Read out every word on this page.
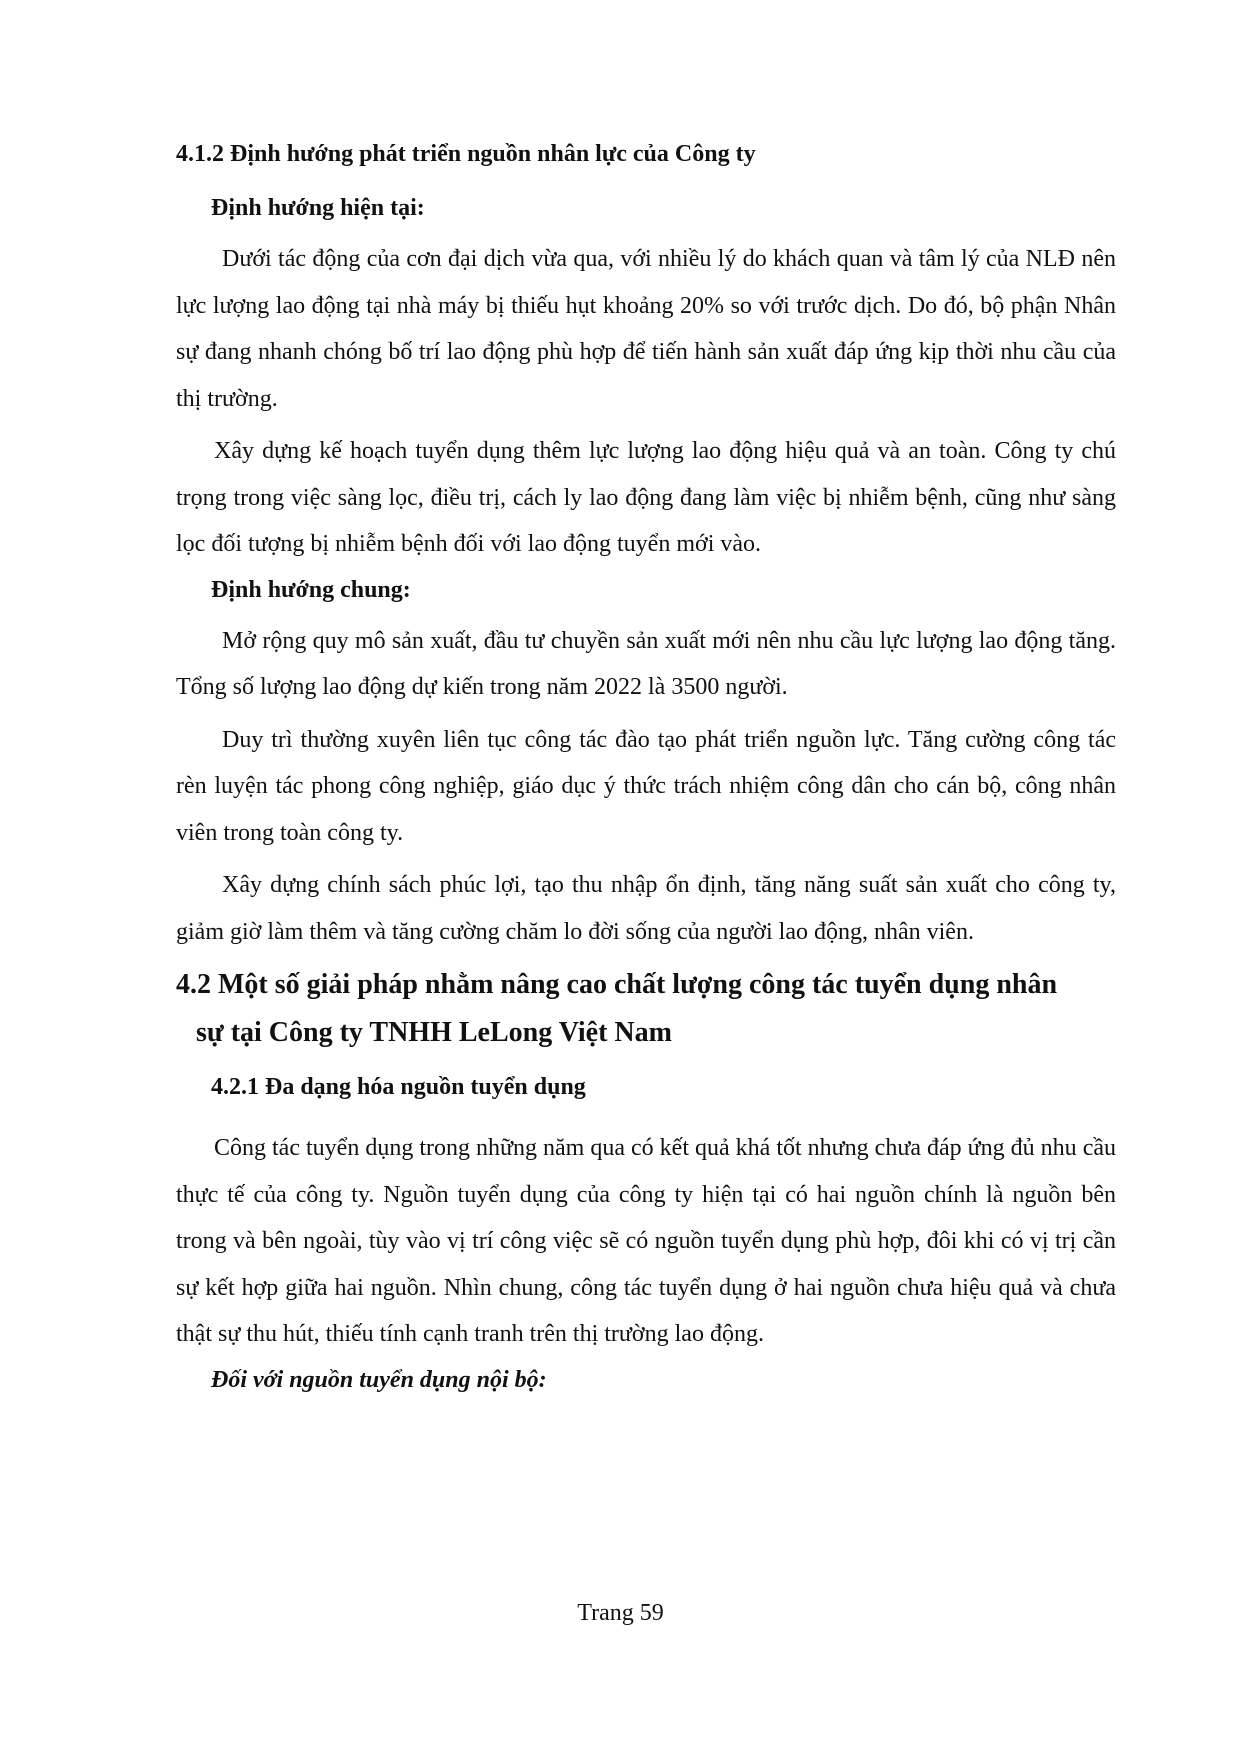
4.1.2 Định hướng phát triển nguồn nhân lực của Công ty
Định hướng hiện tại:

Dưới tác động của cơn đại dịch vừa qua, với nhiều lý do khách quan và tâm lý của NLĐ nên lực lượng lao động tại nhà máy bị thiếu hụt khoảng 20% so với trước dịch. Do đó, bộ phận Nhân sự đang nhanh chóng bố trí lao động phù hợp để tiến hành sản xuất đáp ứng kịp thời nhu cầu của thị trường.

Xây dựng kế hoạch tuyển dụng thêm lực lượng lao động hiệu quả và an toàn. Công ty chú trọng trong việc sàng lọc, điều trị, cách ly lao động đang làm việc bị nhiễm bệnh, cũng như sàng lọc đối tượng bị nhiễm bệnh đối với lao động tuyển mới vào.

Định hướng chung:

Mở rộng quy mô sản xuất, đầu tư chuyền sản xuất mới nên nhu cầu lực lượng lao động tăng. Tổng số lượng lao động dự kiến trong năm 2022 là 3500 người.

Duy trì thường xuyên liên tục công tác đào tạo phát triển nguồn lực. Tăng cường công tác rèn luyện tác phong công nghiệp, giáo dục ý thức trách nhiệm công dân cho cán bộ, công nhân viên trong toàn công ty.

Xây dựng chính sách phúc lợi, tạo thu nhập ổn định, tăng năng suất sản xuất cho công ty, giảm giờ làm thêm và tăng cường chăm lo đời sống của người lao động, nhân viên.

4.2 Một số giải pháp nhằm nâng cao chất lượng công tác tuyển dụng nhân
sự tại Công ty TNHH LeLong Việt Nam
4.2.1 Đa dạng hóa nguồn tuyển dụng

Công tác tuyển dụng trong những năm qua có kết quả khá tốt nhưng chưa đáp ứng đủ nhu cầu thực tế của công ty. Nguồn tuyển dụng của công ty hiện tại có hai nguồn chính là nguồn bên trong và bên ngoài, tùy vào vị trí công việc sẽ có nguồn tuyển dụng phù hợp, đôi khi có vị trị cần sự kết hợp giữa hai nguồn. Nhìn chung, công tác tuyển dụng ở hai nguồn chưa hiệu quả và chưa thật sự thu hút, thiếu tính cạnh tranh trên thị trường lao động.

Đối với nguồn tuyển dụng nội bộ:
Trang 59
